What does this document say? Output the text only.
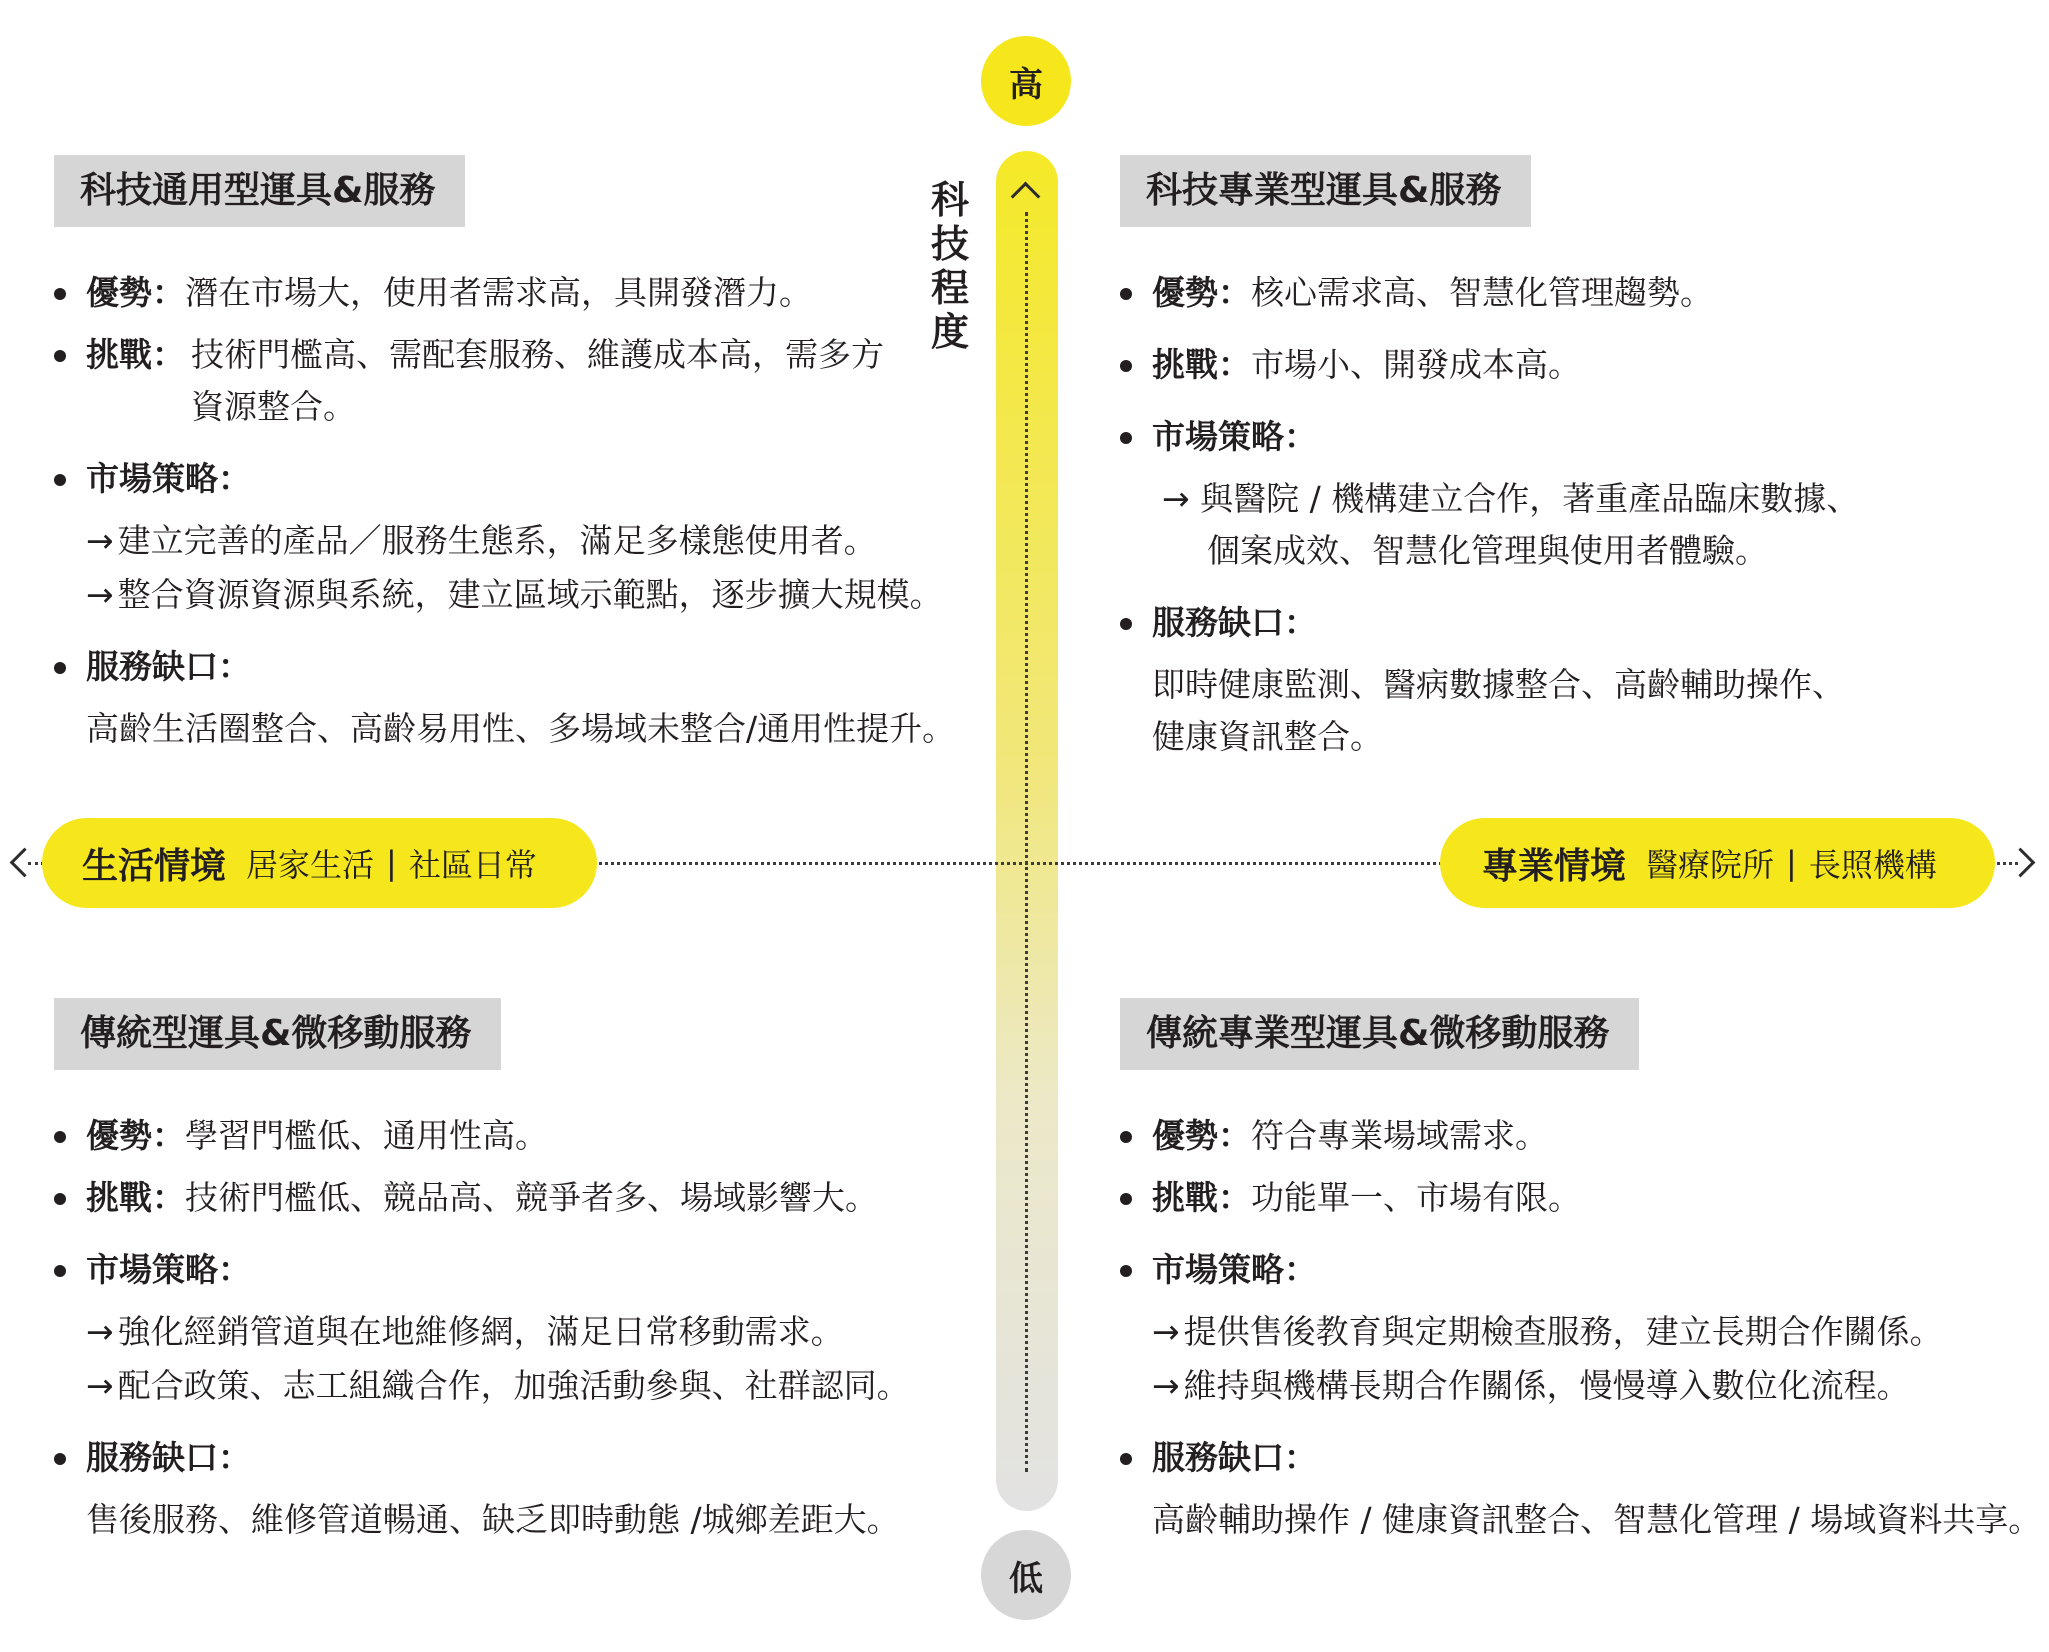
高
低
科
技
程
度
生活情境 居家生活 | 社區日常	專業情境 醫療院所 | 長照機構
科技通用型運具&服務
優勢：潛在市場大，使用者需求高，具開發潛力。
挑戰： 技術門檻高、需配套服務、維護成本高，需多方資源整合。
市場策略：
→ 建立完善的產品／服務生態系，滿足多樣態使用者。
→ 整合資源資源與系統，建立區域示範點，逐步擴大規模。
服務缺口：
高齡生活圈整合、高齡易用性、多場域未整合/通用性提升。
科技專業型運具&服務
優勢：核心需求高、智慧化管理趨勢。
挑戰：市場小、開發成本高。
市場策略：
→ 與醫院 / 機構建立合作，著重產品臨床數據、
個案成效、智慧化管理與使用者體驗。
服務缺口：
即時健康監測、醫病數據整合、高齡輔助操作、
健康資訊整合。
傳統型運具&微移動服務
優勢：學習門檻低、通用性高。
挑戰：技術門檻低、競品高、競爭者多、場域影響大。
市場策略：
→ 強化經銷管道與在地維修網，滿足日常移動需求。
→ 配合政策、志工組織合作，加強活動參與、社群認同。
服務缺口：
售後服務、維修管道暢通、缺乏即時動態 /城鄉差距大。
傳統專業型運具&微移動服務
優勢：符合專業場域需求。
挑戰：功能單一、市場有限。
市場策略：
→ 提供售後教育與定期檢查服務，建立長期合作關係。
→ 維持與機構長期合作關係，慢慢導入數位化流程。
服務缺口：
高齡輔助操作 / 健康資訊整合、智慧化管理 / 場域資料共享。
